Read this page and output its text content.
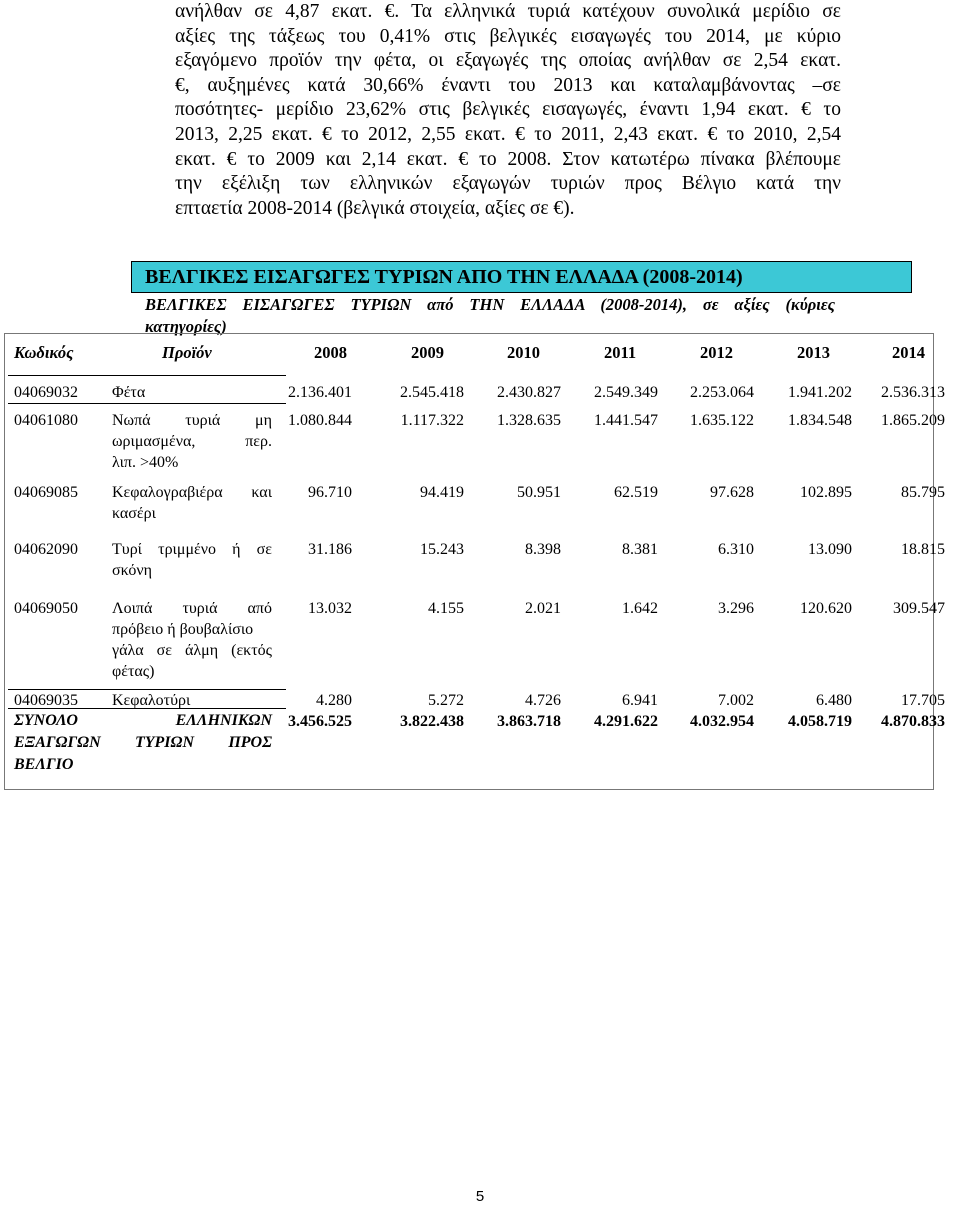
ανήλθαν σε 4,87 εκατ. €. Τα ελληνικά τυριά κατέχουν συνολικά μερίδιο σε
αξίες της τάξεως του 0,41% στις βελγικές εισαγωγές του 2014, με κύριο
εξαγόμενο προϊόν την φέτα, οι εξαγωγές της οποίας ανήλθαν σε 2,54 εκατ.
€, αυξημένες κατά 30,66% έναντι του 2013 και καταλαμβάνοντας –σε
ποσότητες- μερίδιο 23,62% στις βελγικές εισαγωγές, έναντι 1,94 εκατ. € το
2013, 2,25 εκατ. € το 2012, 2,55 εκατ. € το 2011, 2,43 εκατ. € το 2010, 2,54
εκατ. € το 2009 και 2,14 εκατ. € το 2008. Στον κατωτέρω πίνακα βλέπουμε
την εξέλιξη των ελληνικών εξαγωγών τυριών προς Βέλγιο κατά την
επταετία 2008-2014 (βελγικά στοιχεία, αξίες σε €).
ΒΕΛΓΙΚΕΣ ΕΙΣΑΓΩΓΕΣ ΤΥΡΙΩΝ ΑΠΟ ΤΗΝ ΕΛΛΑΔΑ (2008-2014)
ΒΕΛΓΙΚΕΣ ΕΙΣΑΓΩΓΕΣ ΤΥΡΙΩΝ από ΤΗΝ ΕΛΛΑΔΑ (2008-2014), σε αξίες (κύριες
κατηγορίες)
Κωδικός	Προϊόν	2008	2009	2010	2011	2012	2013	2014
04069032 Φέτα	2.136.401	2.545.418 2.430.827 2.549.349 2.253.064 1.941.202 2.536.313
04061080 Νωπά τυριά μη
ωριμασμένα, περ.
λιπ. >40%
1.080.844	1.117.322 1.328.635 1.441.547 1.635.122 1.834.548 1.865.209
04069085 Κεφαλογραβιέρα και
κασέρι
96.710	94.419	50.951	62.519	97.628	102.895	85.795
04062090 Τυρί τριμμένο ή σε
σκόνη
31.186	15.243	8.398	8.381	6.310	13.090	18.815
04069050 Λοιπά τυριά από
πρόβειο ή βουβαλίσιο
γάλα σε άλμη (εκτός
φέτας)
13.032	4.155	2.021	1.642	3.296	120.620	309.547
04069035 Κεφαλοτύρι	4.280	5.272	4.726	6.941	7.002	6.480	17.705
ΣΥΝΟΛΟ ΕΛΛΗΝΙΚΩΝ
ΕΞΑΓΩΓΩΝ ΤΥΡΙΩΝ ΠΡΟΣ
ΒΕΛΓΙΟ
3.456.525	3.822.438 3.863.718 4.291.622 4.032.954 4.058.719 4.870.833
5
